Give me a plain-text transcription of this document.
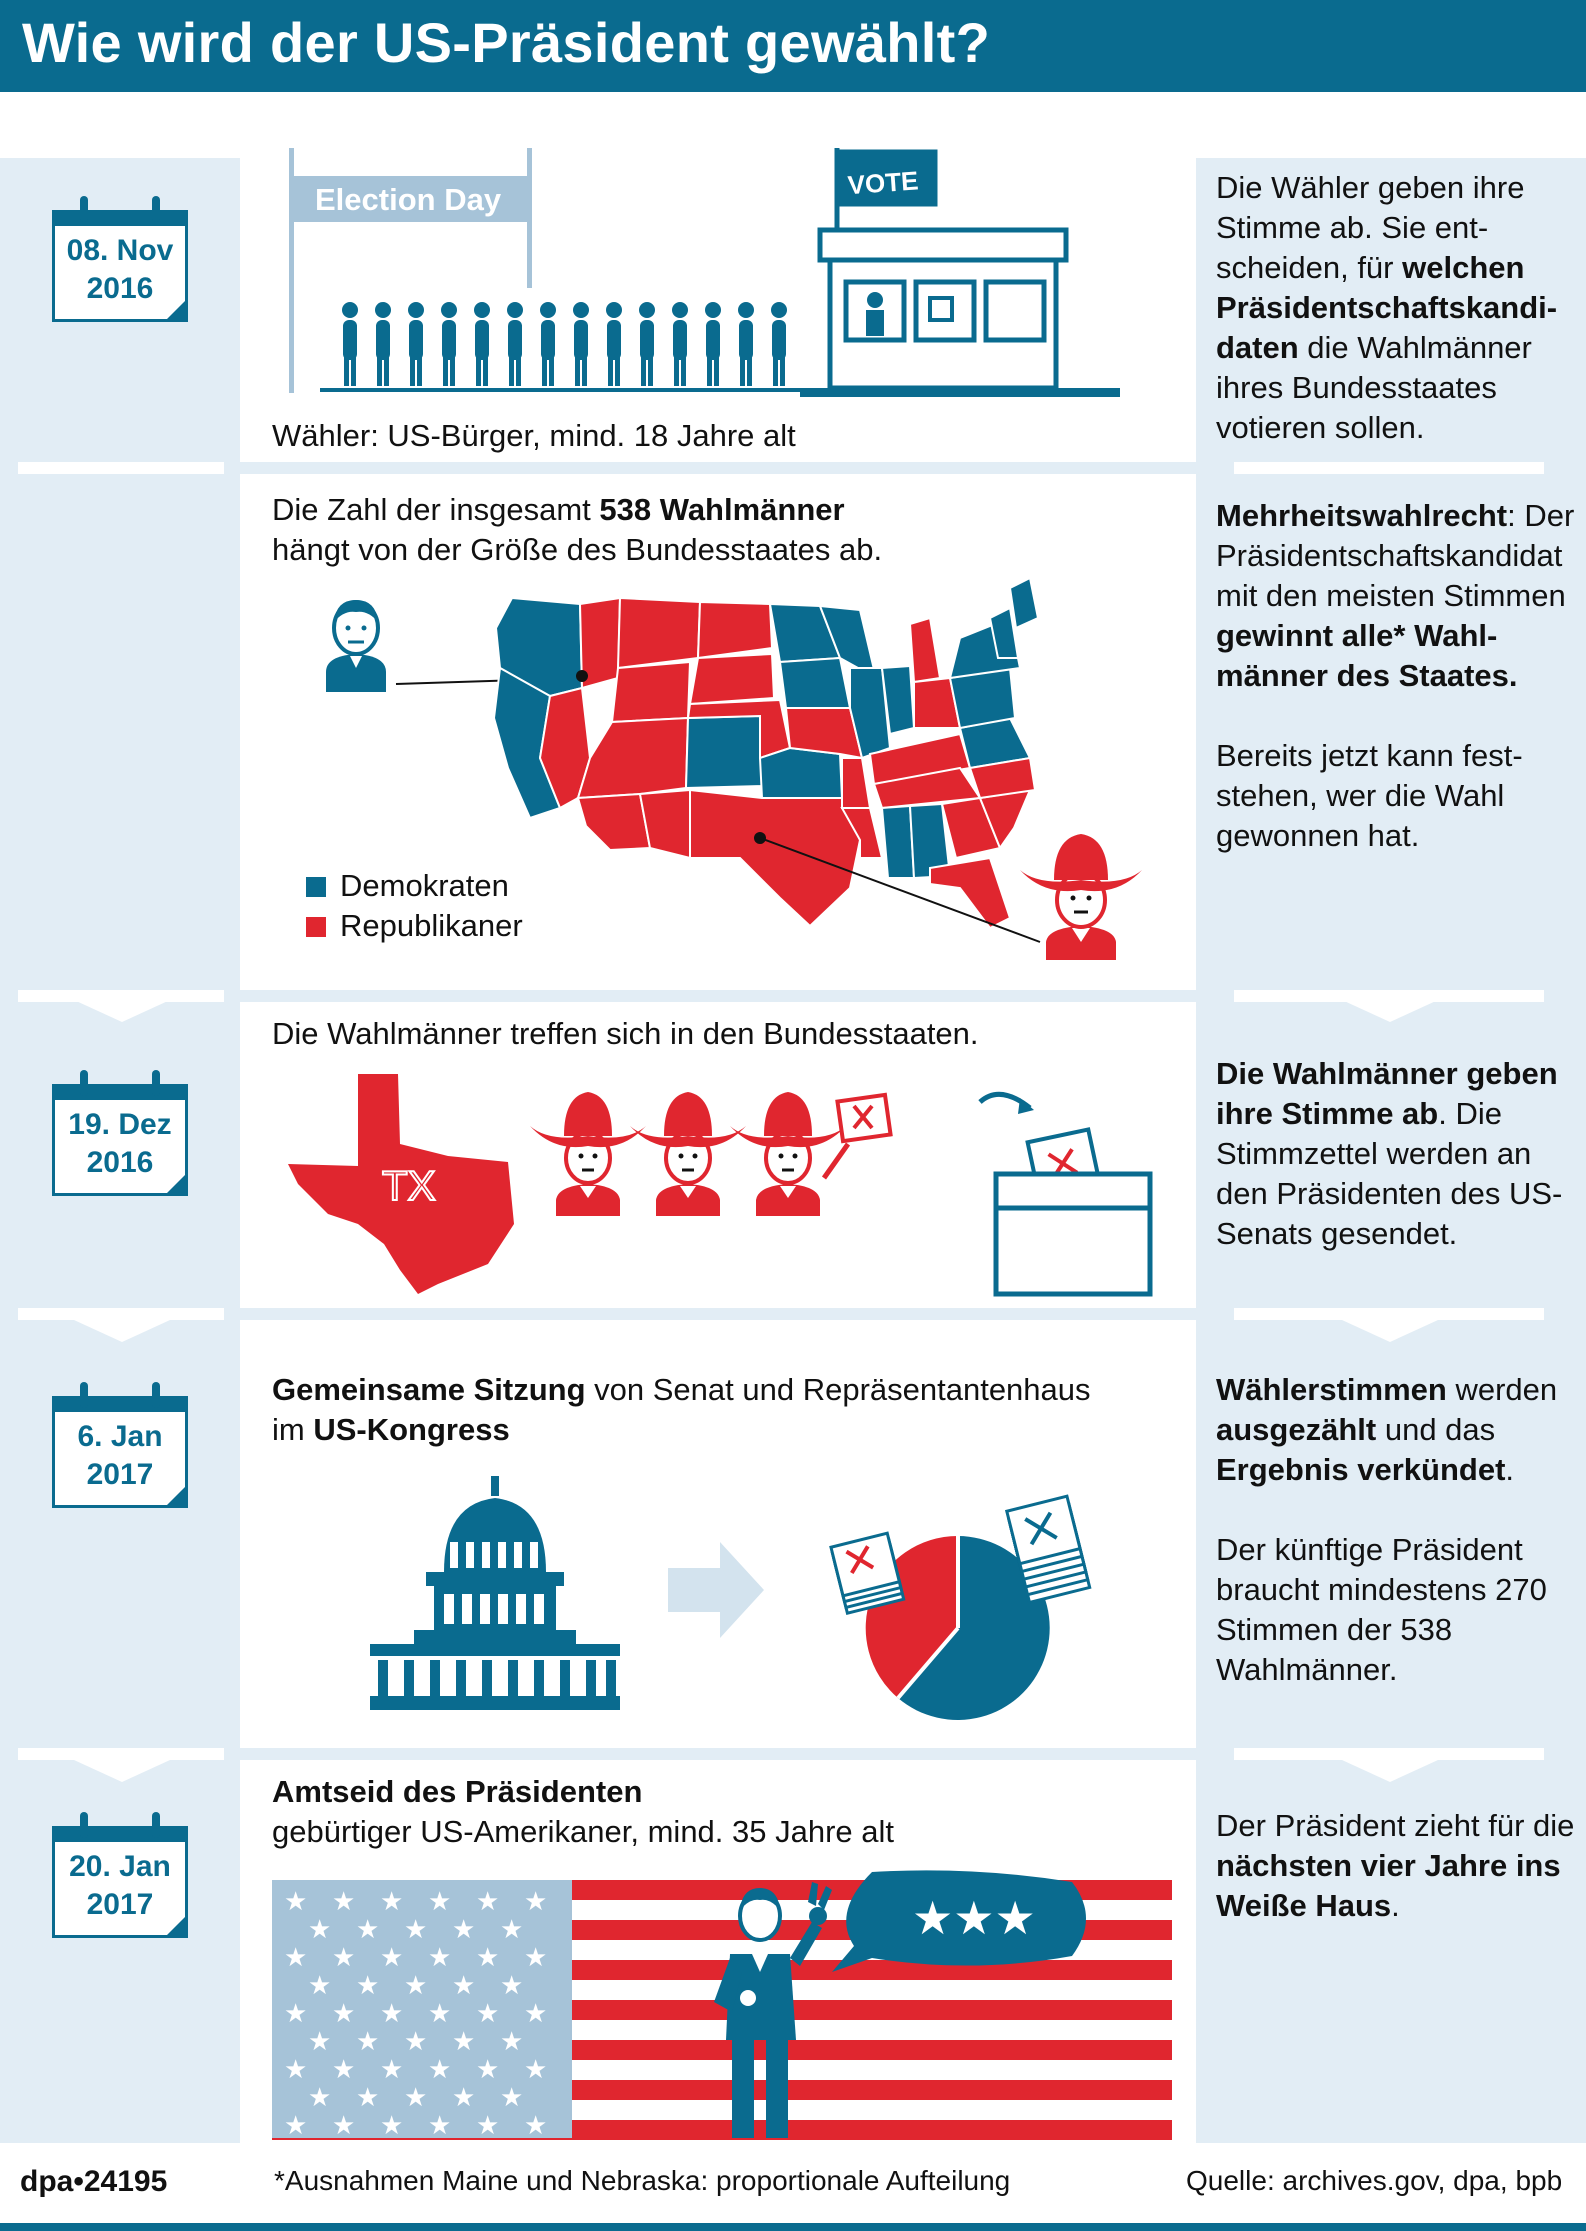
Wie wird der US-Präsident gewählt?
08. Nov
2016
Election Day	VOTE
Wähler: US-Bürger, mind. 18 Jahre alt
Die Wähler geben ihre Stimme ab. Sie entscheiden, für welchen Präsidentschaftskandidaten die Wahlmänner ihres Bundesstaates votieren sollen.
Die Zahl der insgesamt 538 Wahlmänner
hängt von der Größe des Bundesstaates ab.
Demokraten
Republikaner
Mehrheitswahlrecht: Der Präsidentschaftskandidat mit den meisten Stimmen gewinnt alle* Wahlmänner des Staates.
Bereits jetzt kann feststehen, wer die Wahl gewonnen hat.
19. Dez
2016
Die Wahlmänner treffen sich in den Bundesstaaten.
TX
Die Wahlmänner geben ihre Stimme ab. Die Stimmzettel werden an den Präsidenten des US-Senats gesendet.
6. Jan
2017
Gemeinsame Sitzung von Senat und Repräsentantenhaus
im US-Kongress
Wählerstimmen werden ausgezählt und das Ergebnis verkündet.
Der künftige Präsident braucht mindestens 270 Stimmen der 538 Wahlmänner.
20. Jan
2017
Amtseid des Präsidenten
gebürtiger US-Amerikaner, mind. 35 Jahre alt
★ ★ ★ ★ ★ ★
★ ★ ★ ★ ★
★ ★ ★ ★ ★ ★
★ ★ ★ ★ ★
★ ★ ★ ★ ★ ★
★ ★ ★ ★ ★
★ ★ ★ ★ ★ ★
★ ★ ★ ★ ★
★ ★ ★ ★ ★ ★
★★★
Der Präsident zieht für die nächsten vier Jahre ins Weiße Haus.
dpa•24195	*Ausnahmen Maine und Nebraska: proportionale Aufteilung	Quelle: archives.gov, dpa, bpb
